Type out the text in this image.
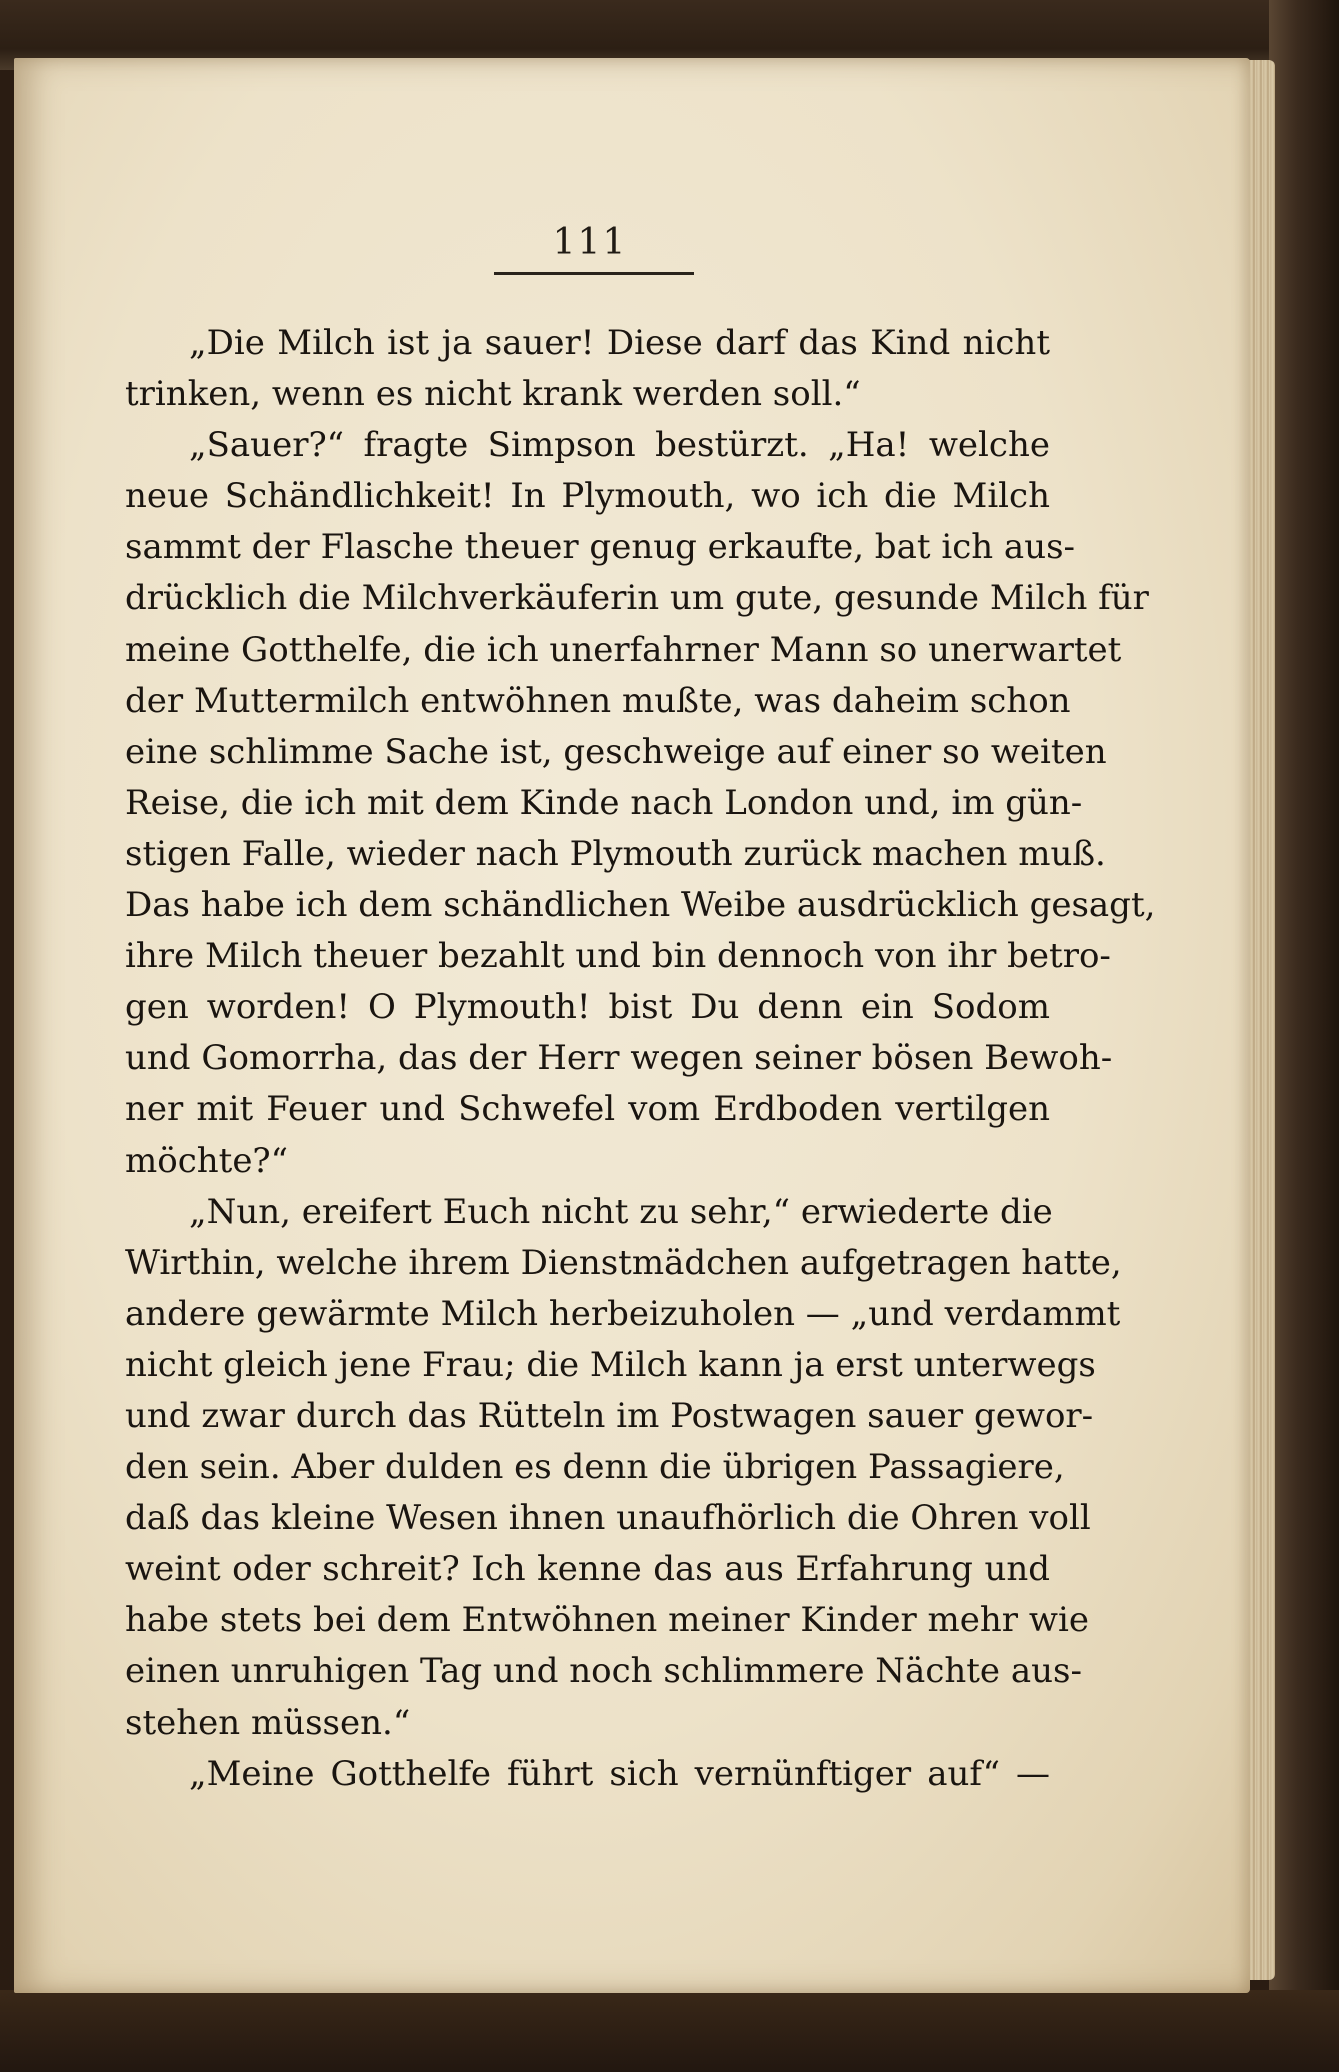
111
„Die Milch ist ja sauer! Diese darf das Kind nicht
trinken, wenn es nicht krank werden soll.“
„Sauer?“ fragte Simpson bestürzt. „Ha! welche
neue Schändlichkeit! In Plymouth, wo ich die Milch
sammt der Flasche theuer genug erkaufte, bat ich aus-
drücklich die Milchverkäuferin um gute, gesunde Milch für
meine Gotthelfe, die ich unerfahrner Mann so unerwartet
der Muttermilch entwöhnen mußte, was daheim schon
eine schlimme Sache ist, geschweige auf einer so weiten
Reise, die ich mit dem Kinde nach London und, im gün-
stigen Falle, wieder nach Plymouth zurück machen muß.
Das habe ich dem schändlichen Weibe ausdrücklich gesagt,
ihre Milch theuer bezahlt und bin dennoch von ihr betro-
gen worden! O Plymouth! bist Du denn ein Sodom
und Gomorrha, das der Herr wegen seiner bösen Bewoh-
ner mit Feuer und Schwefel vom Erdboden vertilgen
möchte?“
„Nun, ereifert Euch nicht zu sehr,“ erwiederte die
Wirthin, welche ihrem Dienstmädchen aufgetragen hatte,
andere gewärmte Milch herbeizuholen — „und verdammt
nicht gleich jene Frau; die Milch kann ja erst unterwegs
und zwar durch das Rütteln im Postwagen sauer gewor-
den sein. Aber dulden es denn die übrigen Passagiere,
daß das kleine Wesen ihnen unaufhörlich die Ohren voll
weint oder schreit? Ich kenne das aus Erfahrung und
habe stets bei dem Entwöhnen meiner Kinder mehr wie
einen unruhigen Tag und noch schlimmere Nächte aus-
stehen müssen.“
„Meine Gotthelfe führt sich vernünftiger auf“ —
